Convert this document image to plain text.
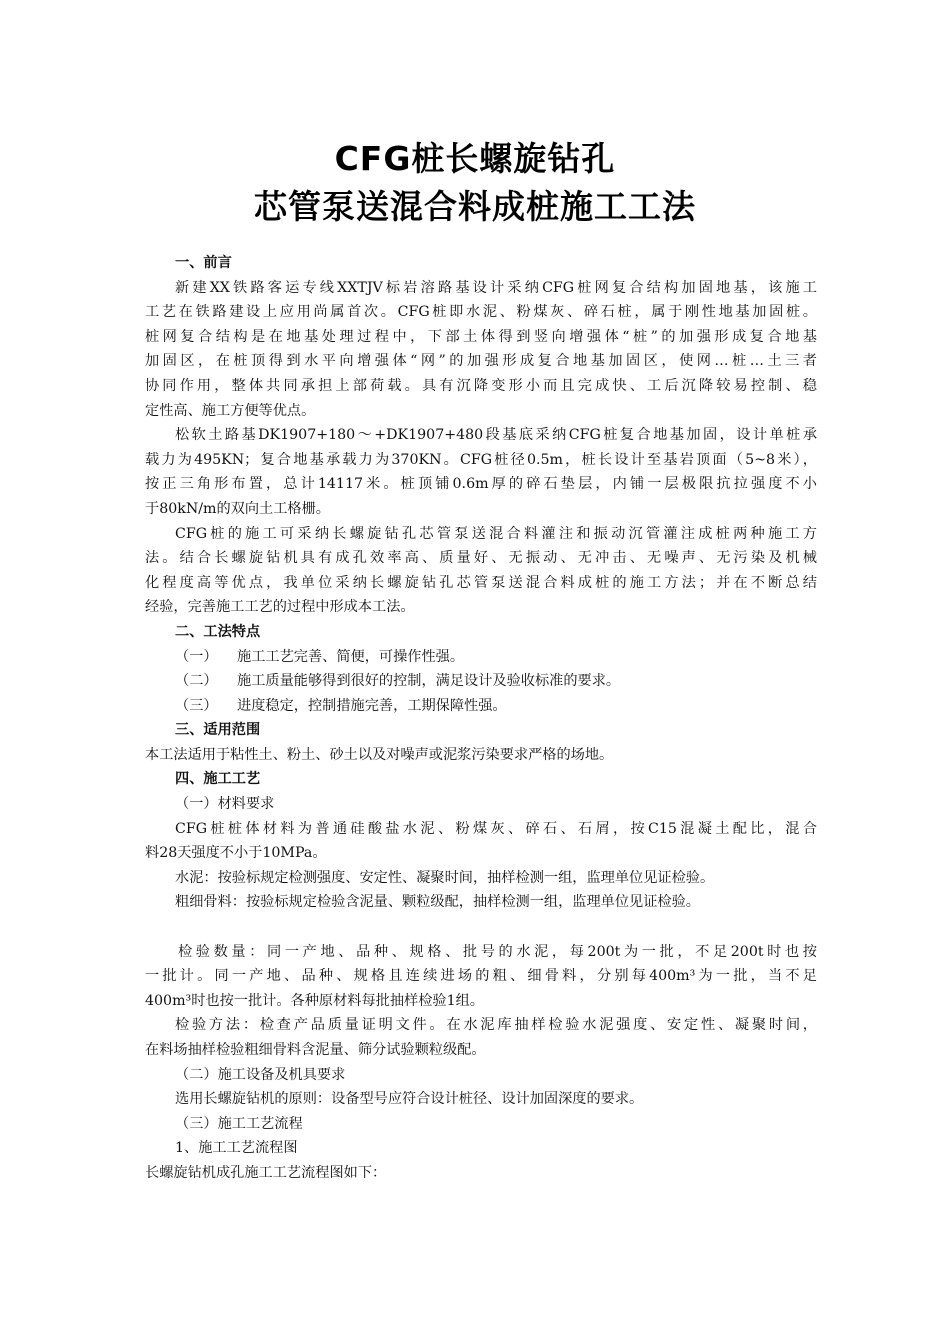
CFG桩长螺旋钻孔
芯管泵送混合料成桩施工工法
一、前言
新建XX铁路客运专线XXTJV标岩溶路基设计采纳CFG桩网复合结构加固地基，该施工
工艺在铁路建设上应用尚属首次。CFG桩即水泥、粉煤灰、碎石桩，属于刚性地基加固桩。
桩网复合结构是在地基处理过程中，下部土体得到竖向增强体“桩”的加强形成复合地基
加固区，在桩顶得到水平向增强体“网”的加强形成复合地基加固区，使网…桩…土三者
协同作用，整体共同承担上部荷载。具有沉降变形小而且完成快、工后沉降较易控制、稳
定性高、施工方便等优点。
松软土路基DK1907+180～+DK1907+480段基底采纳CFG桩复合地基加固，设计单桩承
载力为495KN；复合地基承载力为370KN。CFG桩径0.5m，桩长设计至基岩顶面（5~8米），
按正三角形布置，总计14117米。桩顶铺0.6m厚的碎石垫层，内铺一层极限抗拉强度不小
于80kN/m的双向土工格栅。
CFG桩的施工可采纳长螺旋钻孔芯管泵送混合料灌注和振动沉管灌注成桩两种施工方
法。结合长螺旋钻机具有成孔效率高、质量好、无振动、无冲击、无噪声、无污染及机械
化程度高等优点，我单位采纳长螺旋钻孔芯管泵送混合料成桩的施工方法；并在不断总结
经验，完善施工工艺的过程中形成本工法。
二、工法特点
（一） 施工工艺完善、简便，可操作性强。
（二） 施工质量能够得到很好的控制，满足设计及验收标准的要求。
（三） 进度稳定，控制措施完善，工期保障性强。
三、适用范围
本工法适用于粘性土、粉土、砂土以及对噪声或泥浆污染要求严格的场地。
四、施工工艺
（一）材料要求
CFG桩桩体材料为普通硅酸盐水泥、粉煤灰、碎石、石屑，按C15混凝土配比，混合
料28天强度不小于10MPa。
水泥：按验标规定检测强度、安定性、凝聚时间，抽样检测一组，监理单位见证检验。
粗细骨料：按验标规定检验含泥量、颗粒级配，抽样检测一组，监理单位见证检验。
检验数量：同一产地、品种、规格、批号的水泥，每200t为一批，不足200t时也按
一批计。同一产地、品种、规格且连续进场的粗、细骨料，分别每400m³为一批，当不足
400m³时也按一批计。各种原材料每批抽样检验1组。
检验方法：检查产品质量证明文件。在水泥库抽样检验水泥强度、安定性、凝聚时间，
在料场抽样检验粗细骨料含泥量、筛分试验颗粒级配。
（二）施工设备及机具要求
选用长螺旋钻机的原则：设备型号应符合设计桩径、设计加固深度的要求。
（三）施工工艺流程
1、施工工艺流程图
长螺旋钻机成孔施工工艺流程图如下：
